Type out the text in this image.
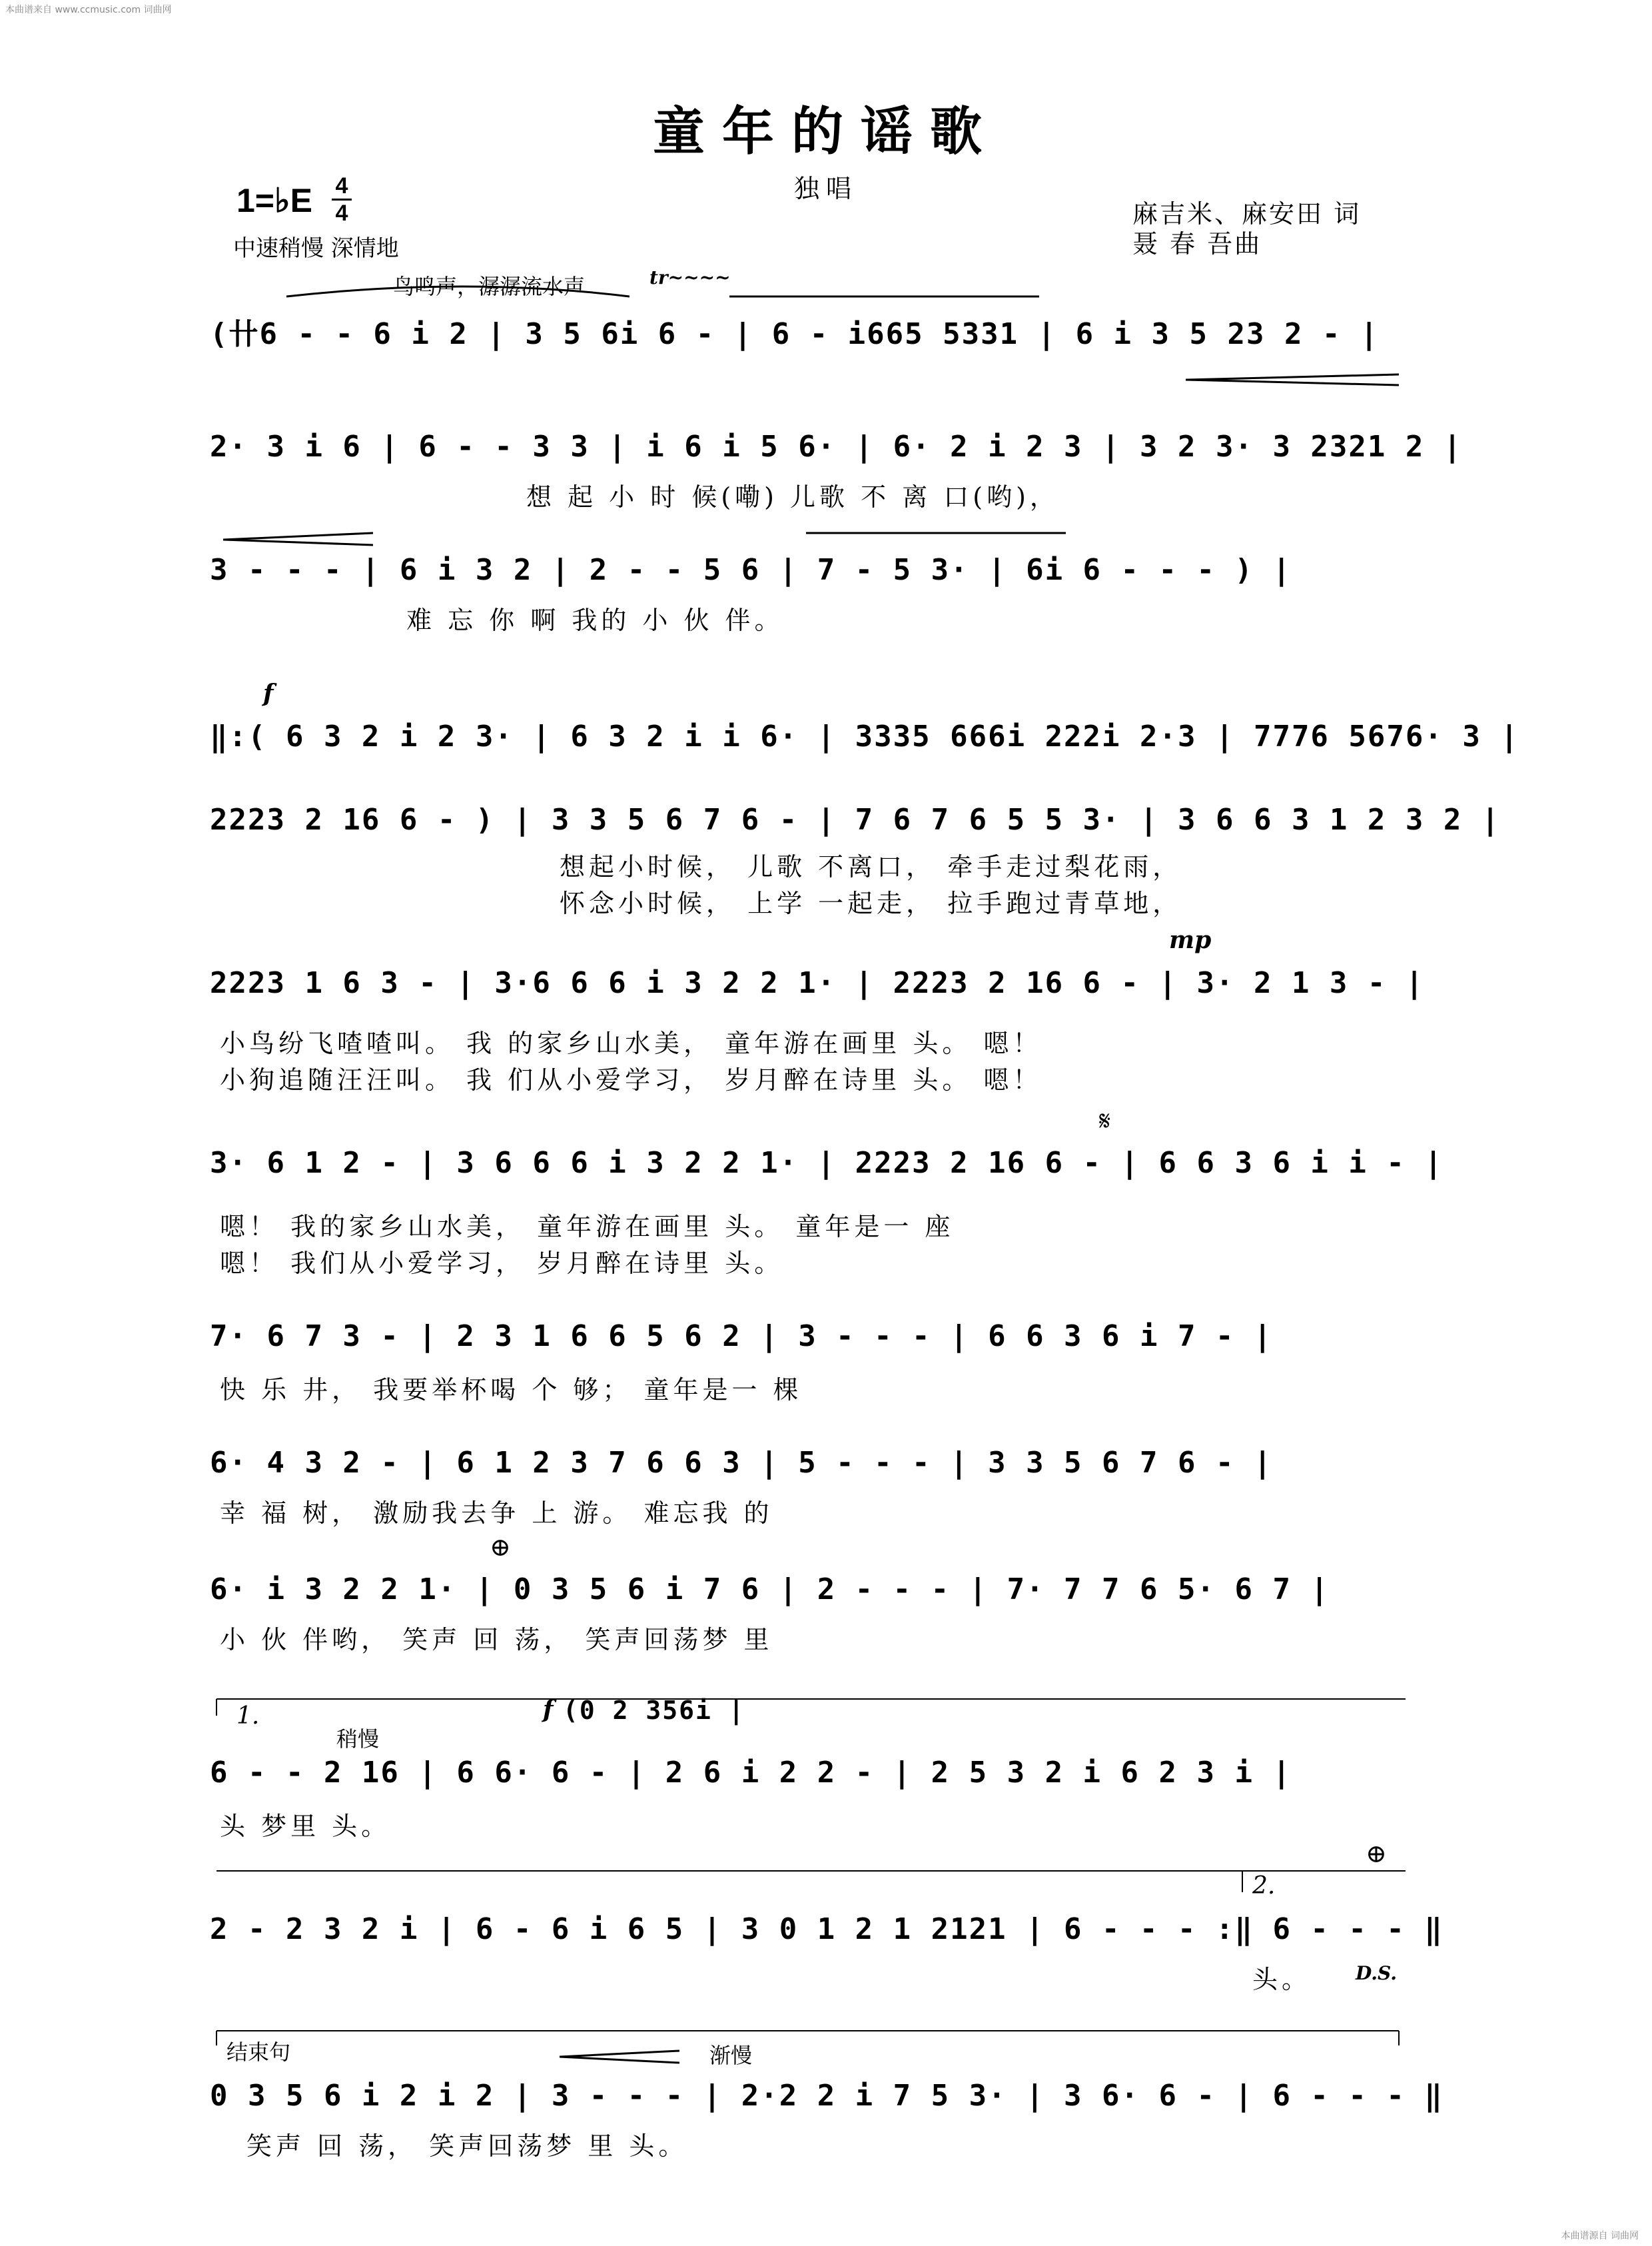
本曲谱来自 www.ccmusic.com 词曲网
本曲谱源自 词曲网
童年的谣歌
独唱
1=♭E 4
4
中速稍慢 深情地
麻吉米、麻安田 词
聂 春 吾曲
鸟鸣声，潺潺流水声	tr~~~~
(卄6 - - 6 i 2 | 3 5 6i 6 - | 6 - i665 5331 | 6 i 3 5 23 2 - |
2· 3 i 6 | 6 - - 3 3 | i 6 i 5 6· | 6· 2 i 2 3 | 3 2 3· 3 2321 2 |
想 起 小 时 候(嘞) 儿歌 不 离 口(哟)，
3 - - - | 6 i 3 2 | 2 - - 5 6 | 7 - 5 3· | 6i 6 - - - ) |
难 忘 你 啊 我的 小 伙 伴。
f
‖:( 6 3 2 i 2 3· | 6 3 2 i i 6· | 3335 666i 222i 2·3 | 7776 5676· 3 |
2223 2 16 6 - ) | 3 3 5 6 7 6 - | 7 6 7 6 5 5 3· | 3 6 6 3 1 2 3 2 |
想起小时候， 儿歌 不离口， 牵手走过梨花雨，
怀念小时候， 上学 一起走， 拉手跑过青草地，
mp
2223 1 6 3 - | 3·6 6 6 i 3 2 2 1· | 2223 2 16 6 - | 3· 2 1 3 - |
小鸟纷飞喳喳叫。 我 的家乡山水美， 童年游在画里 头。 嗯！
小狗追随汪汪叫。 我 们从小爱学习， 岁月醉在诗里 头。 嗯！
𝄋
3· 6 1 2 - | 3 6 6 6 i 3 2 2 1· | 2223 2 16 6 - | 6 6 3 6 i i - |
嗯！ 我的家乡山水美， 童年游在画里 头。 童年是一 座
嗯！ 我们从小爱学习， 岁月醉在诗里 头。
7· 6 7 3 - | 2 3 1 6 6 5 6 2 | 3 - - - | 6 6 3 6 i 7 - |
快 乐 井， 我要举杯喝 个 够； 童年是一 棵
6· 4 3 2 - | 6 1 2 3 7 6 6 3 | 5 - - - | 3 3 5 6 7 6 - |
幸 福 树， 激励我去争 上 游。 难忘我 的
⊕
6· i 3 2 2 1· | 0 3 5 6 i 7 6 | 2 - - - | 7· 7 7 6 5· 6 7 |
小 伙 伴哟， 笑声 回 荡， 笑声回荡梦 里
1.
稍慢
f (0 2 356i |
6 - - 2 16 | 6 6· 6 - | 2 6 i 2 2 - | 2 5 3 2 i 6 2 3 i |
头 梦里 头。
⊕
2.
2 - 2 3 2 i | 6 - 6 i 6 5 | 3 0 1 2 1 2121 | 6 - - - :‖ 6 - - - ‖
头。 D.S.
结束句	渐慢
0 3 5 6 i 2 i 2 | 3 - - - | 2·2 2 i 7 5 3· | 3 6· 6 - | 6 - - - ‖
笑声 回 荡， 笑声回荡梦 里 头。
